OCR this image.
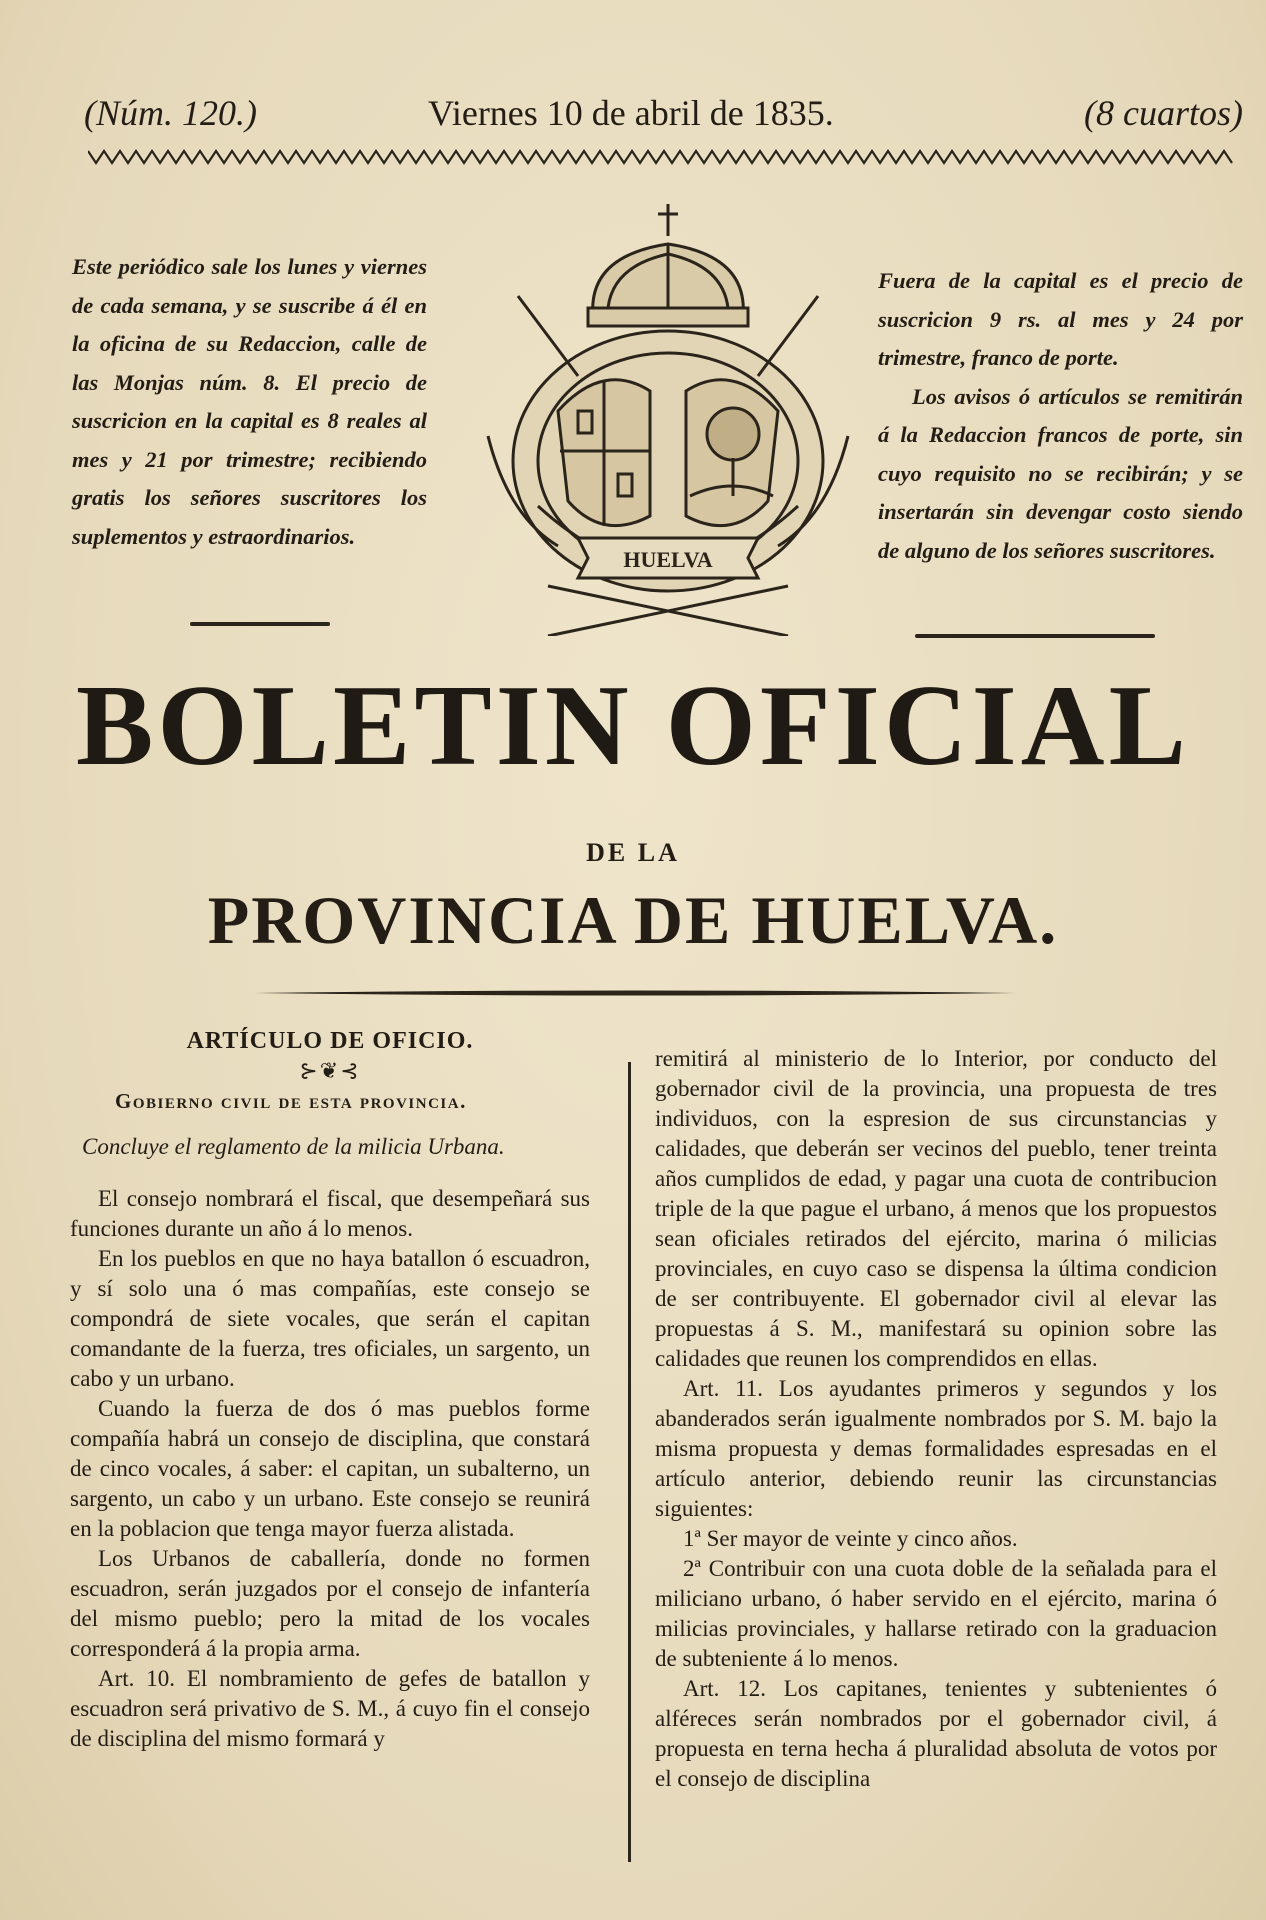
(Núm. 120.)	Viernes 10 de abril de 1835.	(8 cuartos)

Este periódico sale los lunes y viernes de cada semana, y se suscribe á él en la oficina de su Redaccion, calle de las Monjas núm. 8. El precio de suscricion en la capital es 8 reales al mes y 21 por trimestre; recibiendo gratis los señores suscritores los suplementos y estraordinarios.

Fuera de la capital es el precio de suscricion 9 rs. al mes y 24 por trimestre, franco de porte.

Los avisos ó artículos se remitirán á la Redaccion francos de porte, sin cuyo requisito no se recibirán; y se insertarán sin devengar costo siendo de alguno de los señores suscritores.

HUELVA
BOLETIN OFICIAL
DE LA
PROVINCIA DE HUELVA.

ARTÍCULO DE OFICIO.

⊱❦⊰

Gobierno civil de esta provincia.

Concluye el reglamento de la milicia Urbana.

El consejo nombrará el fiscal, que desempeñará sus funciones durante un año á lo menos.

En los pueblos en que no haya batallon ó escuadron, y sí solo una ó mas compañías, este consejo se compondrá de siete vocales, que serán el capitan comandante de la fuerza, tres oficiales, un sargento, un cabo y un urbano.

Cuando la fuerza de dos ó mas pueblos forme compañía habrá un consejo de disciplina, que constará de cinco vocales, á saber: el capitan, un subalterno, un sargento, un cabo y un urbano. Este consejo se reunirá en la poblacion que tenga mayor fuerza alistada.

Los Urbanos de caballería, donde no formen escuadron, serán juzgados por el consejo de infantería del mismo pueblo; pero la mitad de los vocales corresponderá á la propia arma.

Art. 10. El nombramiento de gefes de batallon y escuadron será privativo de S. M., á cuyo fin el consejo de disciplina del mismo formará y

remitirá al ministerio de lo Interior, por conducto del gobernador civil de la provincia, una propuesta de tres individuos, con la espresion de sus circunstancias y calidades, que deberán ser vecinos del pueblo, tener treinta años cumplidos de edad, y pagar una cuota de contribucion triple de la que pague el urbano, á menos que los propuestos sean oficiales retirados del ejército, marina ó milicias provinciales, en cuyo caso se dispensa la última condicion de ser contribuyente. El gobernador civil al elevar las propuestas á S. M., manifestará su opinion sobre las calidades que reunen los comprendidos en ellas.

Art. 11. Los ayudantes primeros y segundos y los abanderados serán igualmente nombrados por S. M. bajo la misma propuesta y demas formalidades espresadas en el artículo anterior, debiendo reunir las circunstancias siguientes:

1ª Ser mayor de veinte y cinco años.

2ª Contribuir con una cuota doble de la señalada para el miliciano urbano, ó haber servido en el ejército, marina ó milicias provinciales, y hallarse retirado con la graduacion de subteniente á lo menos.

Art. 12. Los capitanes, tenientes y subtenientes ó alféreces serán nombrados por el gobernador civil, á propuesta en terna hecha á pluralidad absoluta de votos por el consejo de disciplina
